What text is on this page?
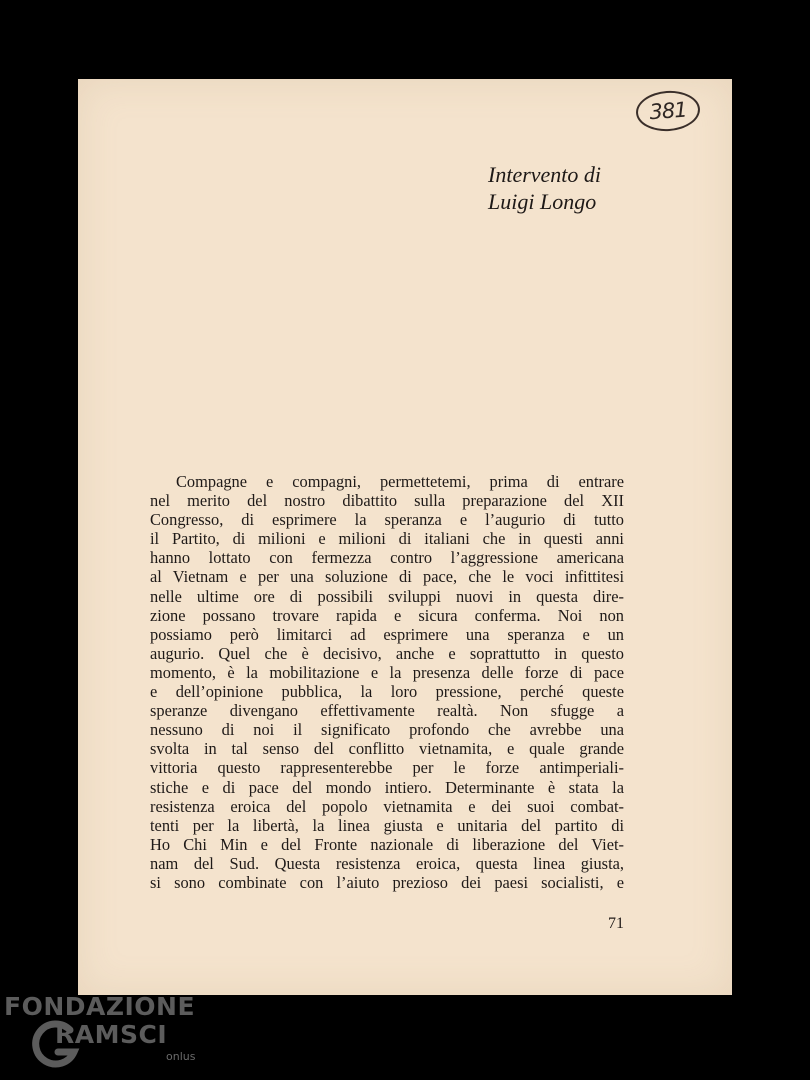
381
Intervento di
Luigi Longo
Compagne e compagni, permettetemi, prima di entrare
nel merito del nostro dibattito sulla preparazione del XII
Congresso, di esprimere la speranza e l’augurio di tutto
il Partito, di milioni e milioni di italiani che in questi anni
hanno lottato con fermezza contro l’aggressione americana
al Vietnam e per una soluzione di pace, che le voci infittitesi
nelle ultime ore di possibili sviluppi nuovi in questa dire-
zione possano trovare rapida e sicura conferma. Noi non
possiamo però limitarci ad esprimere una speranza e un
augurio. Quel che è decisivo, anche e soprattutto in questo
momento, è la mobilitazione e la presenza delle forze di pace
e dell’opinione pubblica, la loro pressione, perché queste
speranze divengano effettivamente realtà. Non sfugge a
nessuno di noi il significato profondo che avrebbe una
svolta in tal senso del conflitto vietnamita, e quale grande
vittoria questo rappresenterebbe per le forze antimperiali-
stiche e di pace del mondo intiero. Determinante è stata la
resistenza eroica del popolo vietnamita e dei suoi combat-
tenti per la libertà, la linea giusta e unitaria del partito di
Ho Chi Min e del Fronte nazionale di liberazione del Viet-
nam del Sud. Questa resistenza eroica, questa linea giusta,
si sono combinate con l’aiuto prezioso dei paesi socialisti, e
71
FONDAZIONE
RAMSCI
onlus
